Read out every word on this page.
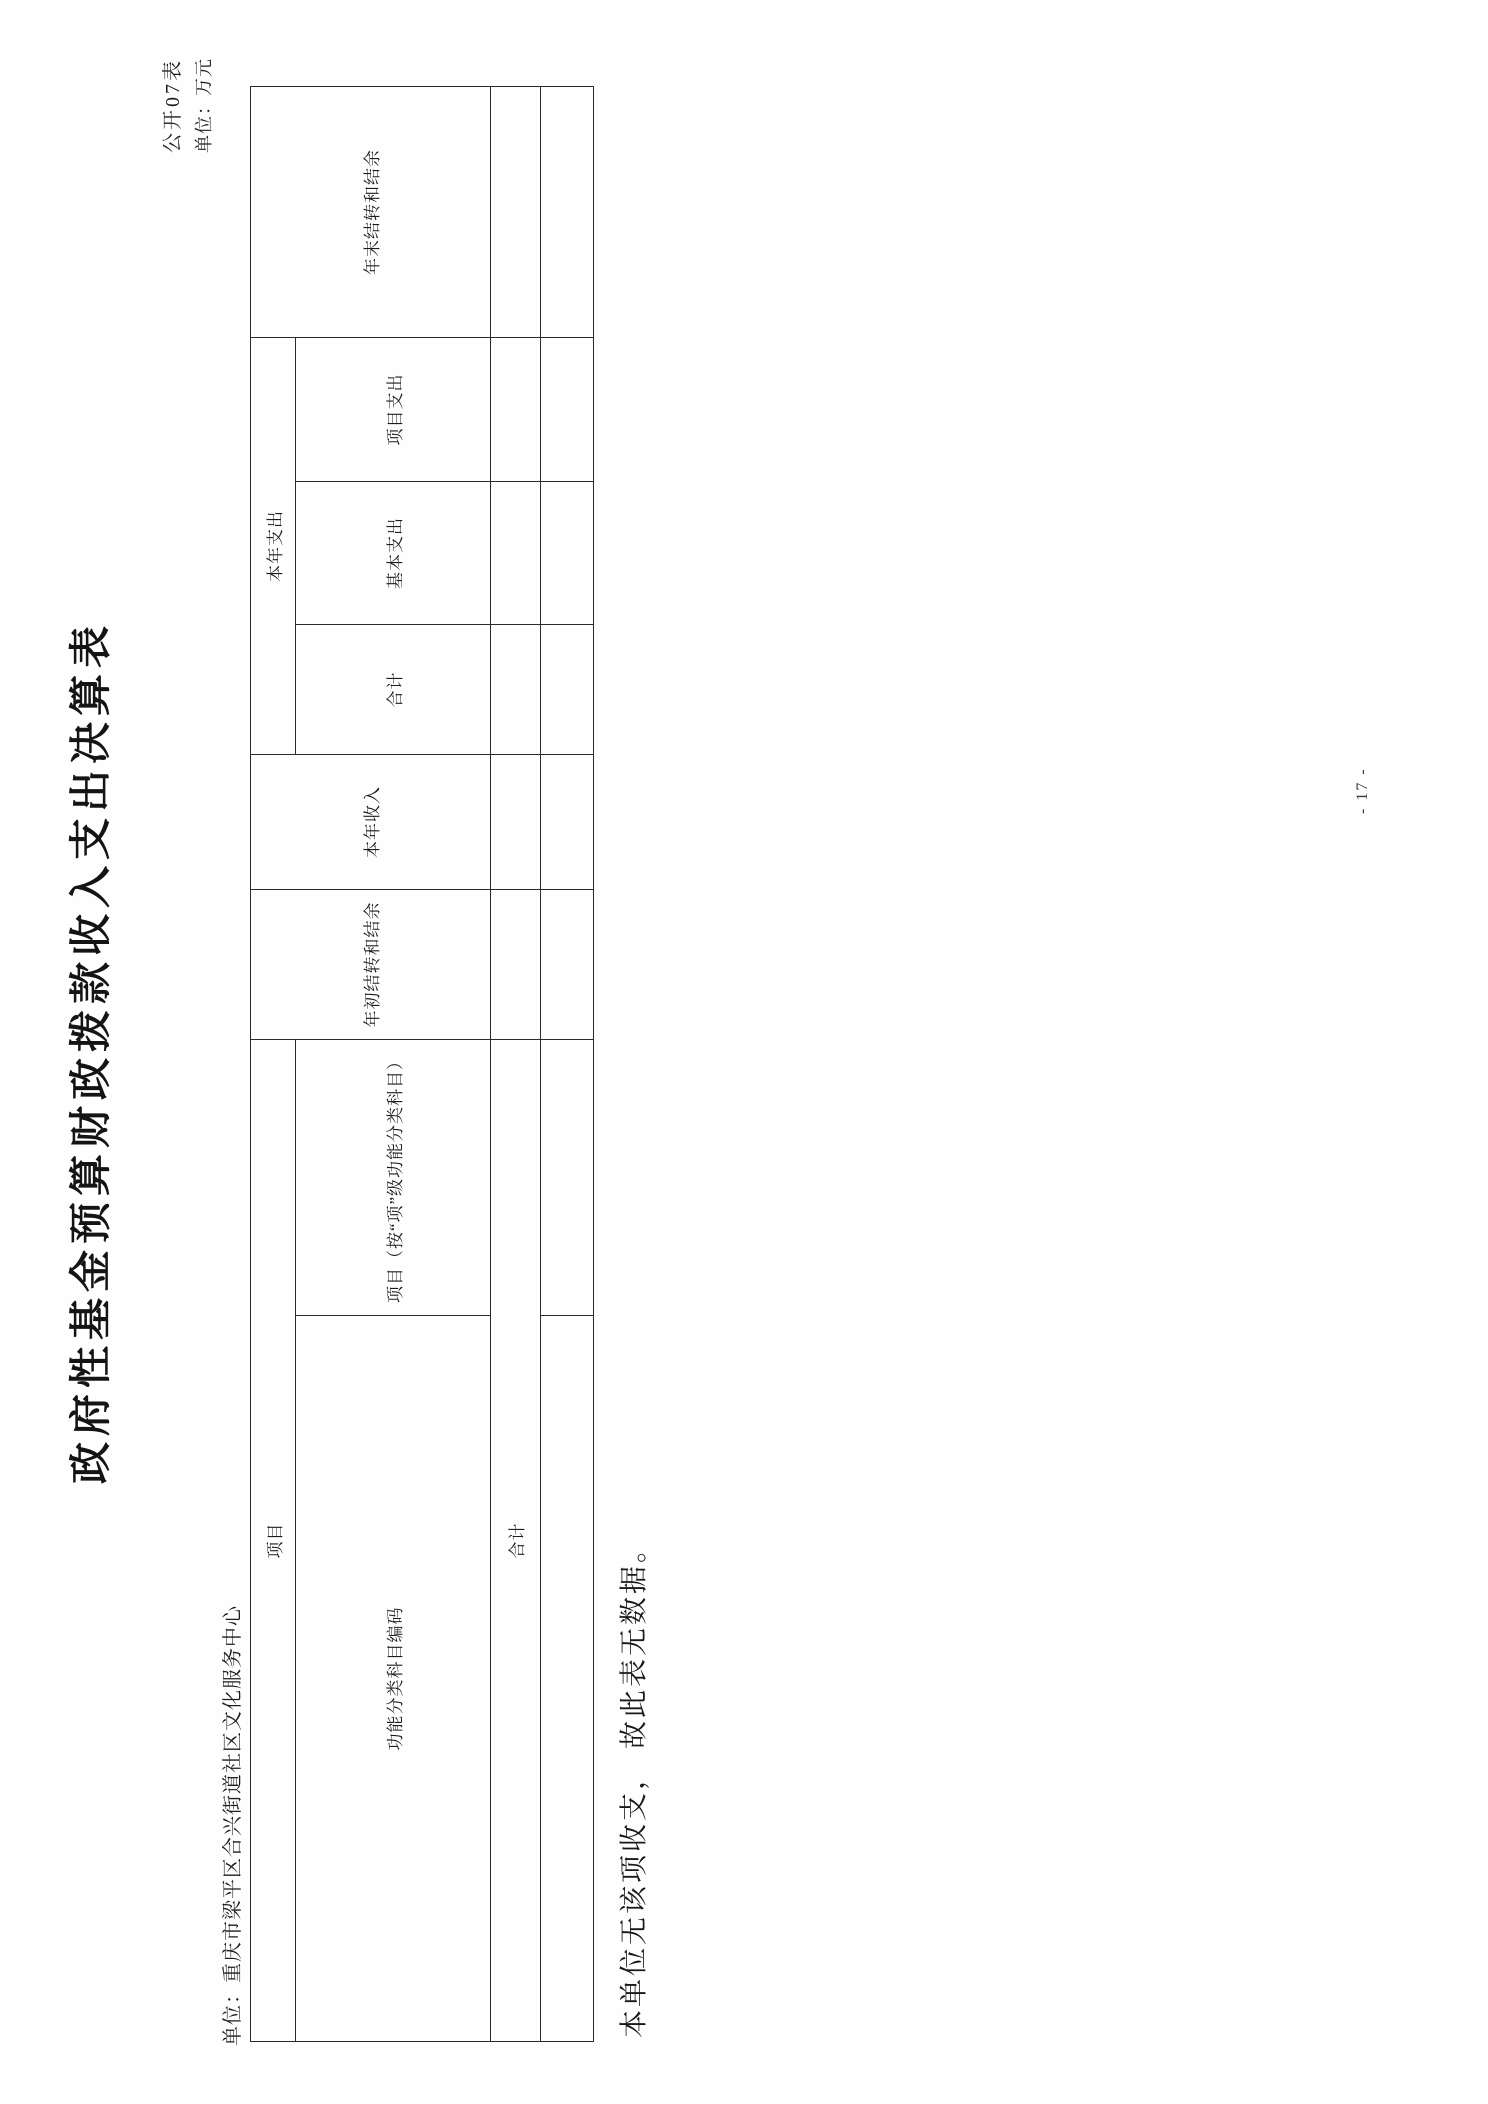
政府性基金预算财政拨款收入支出决算表
公开07表 单位：万元
单位：重庆市梁平区合兴街道社区文化服务中心
项目		年初结转和结余	本年收入	本年支出			年末结转和结余
功能分类科目编码	项目（按“项”级功能分类科目）			合计	基本支出	项目支出	
合计							
								本单位无该项收支， 故此表无数据。
- 17 -
